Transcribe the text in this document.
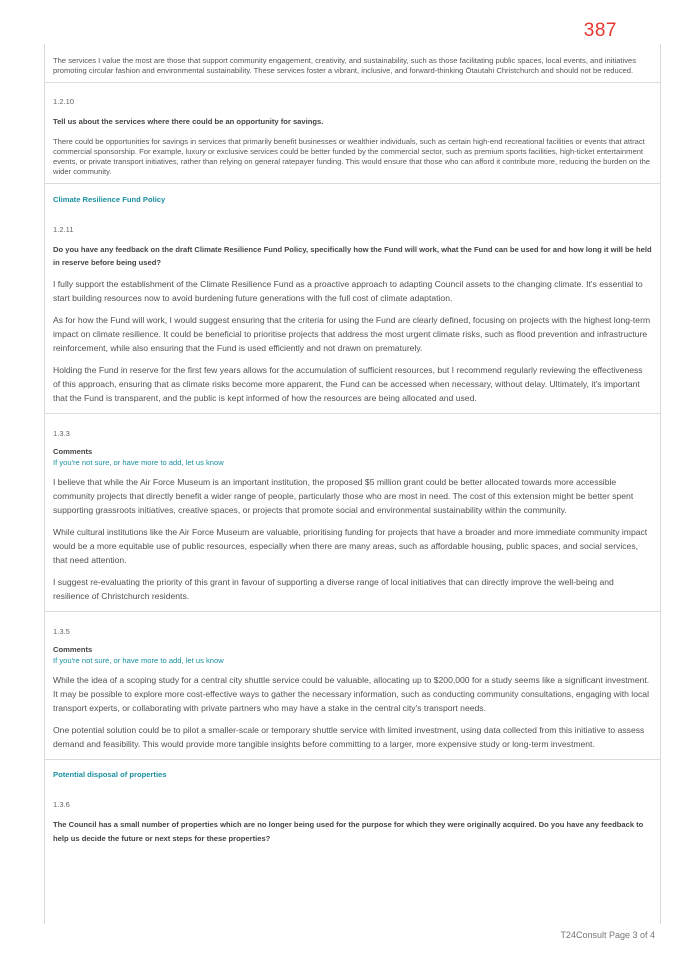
387

The services I value the most are those that support community engagement, creativity, and sustainability, such as those facilitating public spaces, local events, and initiatives promoting circular fashion and environmental sustainability. These services foster a vibrant, inclusive, and forward-thinking Ōtautahi Christchurch and should not be reduced.

1.2.10

Tell us about the services where there could be an opportunity for savings.

There could be opportunities for savings in services that primarily benefit businesses or wealthier individuals, such as certain high-end recreational facilities or events that attract commercial sponsorship. For example, luxury or exclusive services could be better funded by the commercial sector, such as premium sports facilities, high-ticket entertainment events, or private transport initiatives, rather than relying on general ratepayer funding. This would ensure that those who can afford it contribute more, reducing the burden on the wider community.

Climate Resilience Fund Policy

1.2.11

Do you have any feedback on the draft Climate Resilience Fund Policy, specifically how the Fund will work, what the Fund can be used for and how long it will be held in reserve before being used?

I fully support the establishment of the Climate Resilience Fund as a proactive approach to adapting Council assets to the changing climate. It's essential to start building resources now to avoid burdening future generations with the full cost of climate adaptation.

As for how the Fund will work, I would suggest ensuring that the criteria for using the Fund are clearly defined, focusing on projects with the highest long-term impact on climate resilience. It could be beneficial to prioritise projects that address the most urgent climate risks, such as flood prevention and infrastructure reinforcement, while also ensuring that the Fund is used efficiently and not drawn on prematurely.

Holding the Fund in reserve for the first few years allows for the accumulation of sufficient resources, but I recommend regularly reviewing the effectiveness of this approach, ensuring that as climate risks become more apparent, the Fund can be accessed when necessary, without delay. Ultimately, it's important that the Fund is transparent, and the public is kept informed of how the resources are being allocated and used.

1.3.3

Comments

If you're not sure, or have more to add, let us know

I believe that while the Air Force Museum is an important institution, the proposed $5 million grant could be better allocated towards more accessible community projects that directly benefit a wider range of people, particularly those who are most in need. The cost of this extension might be better spent supporting grassroots initiatives, creative spaces, or projects that promote social and environmental sustainability within the community.

While cultural institutions like the Air Force Museum are valuable, prioritising funding for projects that have a broader and more immediate community impact would be a more equitable use of public resources, especially when there are many areas, such as affordable housing, public spaces, and social services, that need attention.

I suggest re-evaluating the priority of this grant in favour of supporting a diverse range of local initiatives that can directly improve the well-being and resilience of Christchurch residents.

1.3.5

Comments

If you're not sure, or have more to add, let us know

While the idea of a scoping study for a central city shuttle service could be valuable, allocating up to $200,000 for a study seems like a significant investment. It may be possible to explore more cost-effective ways to gather the necessary information, such as conducting community consultations, engaging with local transport experts, or collaborating with private partners who may have a stake in the central city's transport needs.

One potential solution could be to pilot a smaller-scale or temporary shuttle service with limited investment, using data collected from this initiative to assess demand and feasibility. This would provide more tangible insights before committing to a larger, more expensive study or long-term investment.

Potential disposal of properties

1.3.6

The Council has a small number of properties which are no longer being used for the purpose for which they were originally acquired. Do you have any feedback to help us decide the future or next steps for these properties?

T24Consult Page 3 of 4
